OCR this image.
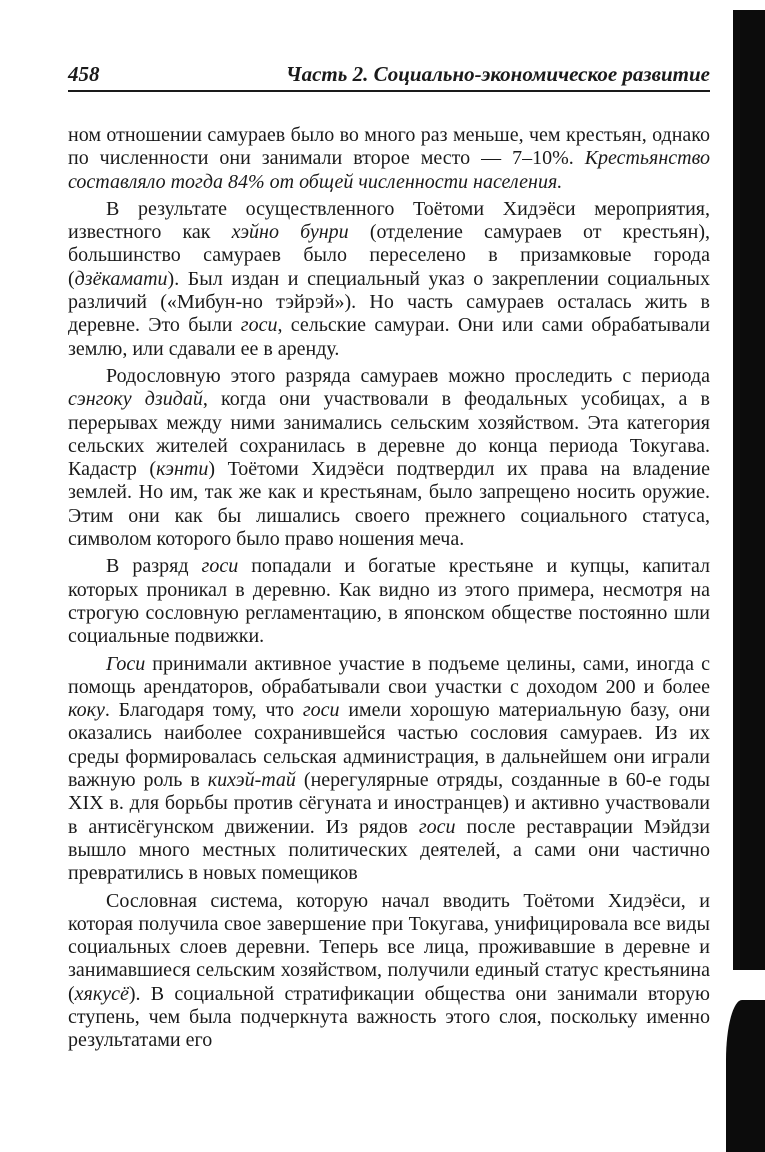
458	Часть 2. Социально-экономическое развитие

ном отношении самураев было во много раз меньше, чем крестьян, однако по численности они занимали второе место — 7–10%. Крестьянство составляло тогда 84% от общей численности населения.

В результате осуществленного Тоётоми Хидэёси мероприятия, известного как хэйно бунри (отделение самураев от крестьян), большинство самураев было переселено в призамковые города (дзёкамати). Был издан и специальный указ о закреплении социальных различий («Мибун-но тэйрэй»). Но часть самураев осталась жить в деревне. Это были госи, сельские самураи. Они или сами обрабатывали землю, или сдавали ее в аренду.

Родословную этого разряда самураев можно проследить с периода сэнгоку дзидай, когда они участвовали в феодальных усобицах, а в перерывах между ними занимались сельским хозяйством. Эта категория сельских жителей сохранилась в деревне до конца периода Токугава. Кадастр (кэнти) Тоётоми Хидэёси подтвердил их права на владение землей. Но им, так же как и крестьянам, было запрещено носить оружие. Этим они как бы лишались своего прежнего социального статуса, символом которого было право ношения меча.

В разряд госи попадали и богатые крестьяне и купцы, капитал которых проникал в деревню. Как видно из этого примера, несмотря на строгую сословную регламентацию, в японском обществе постоянно шли социальные подвижки.

Госи принимали активное участие в подъеме целины, сами, иногда с помощь арендаторов, обрабатывали свои участки с доходом 200 и более коку. Благодаря тому, что госи имели хорошую материальную базу, они оказались наиболее сохранившейся частью сословия самураев. Из их среды формировалась сельская администрация, в дальнейшем они играли важную роль в кихэй-тай (нерегулярные отряды, созданные в 60-е годы XIX в. для борьбы против сёгуната и иностранцев) и активно участвовали в антисёгунском движении. Из рядов госи после реставрации Мэйдзи вышло много местных политических деятелей, а сами они частично превратились в новых помещиков

Сословная система, которую начал вводить Тоётоми Хидэёси, и которая получила свое завершение при Токугава, унифицировала все виды социальных слоев деревни. Теперь все лица, проживавшие в деревне и занимавшиеся сельским хозяйством, получили единый статус крестьянина (хякусё). В социальной стратификации общества они занимали вторую ступень, чем была подчеркнута важность этого слоя, поскольку именно результатами его
